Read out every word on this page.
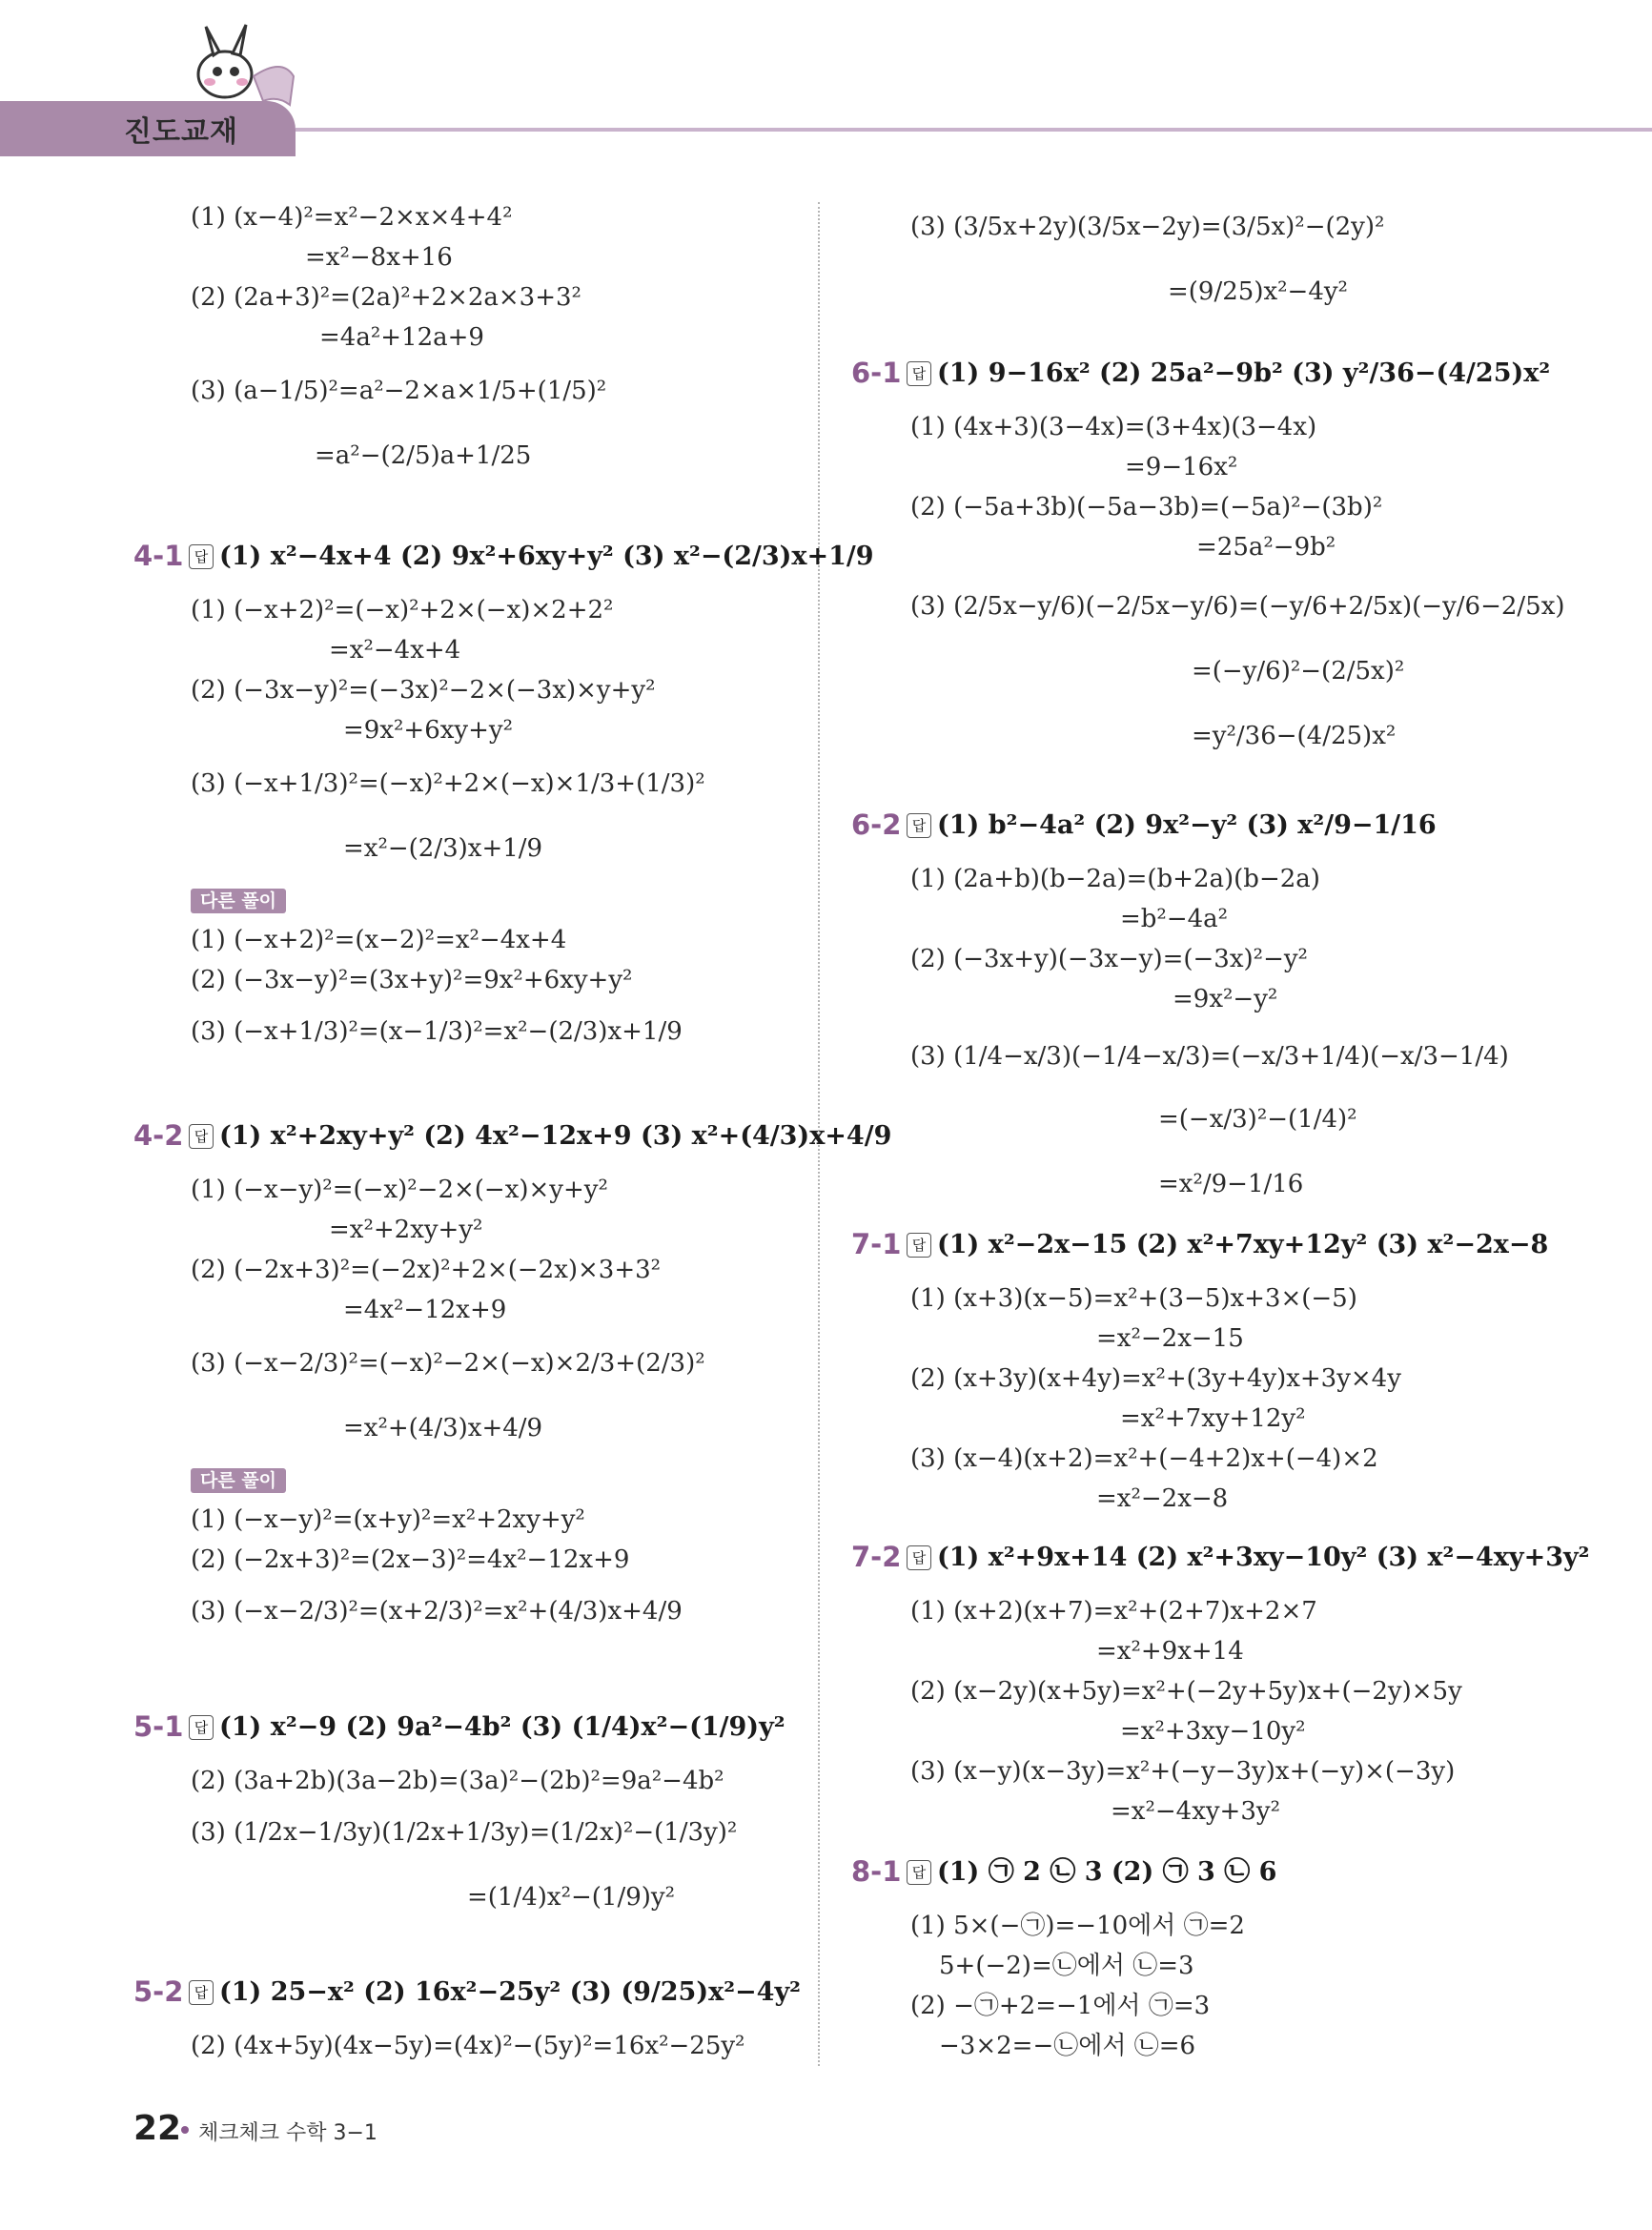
진도교재
(1) (x−4)²=x²−2×x×4+4²
=x²−8x+16
(2) (2a+3)²=(2a)²+2×2a×3+3²
=4a²+12a+9
(3) (a−1/5)²=a²−2×a×1/5+(1/5)²
=a²−(2/5)a+1/25
(1) (−x+2)²=(−x)²+2×(−x)×2+2²
=x²−4x+4
(2) (−3x−y)²=(−3x)²−2×(−3x)×y+y²
=9x²+6xy+y²
(3) (−x+1/3)²=(−x)²+2×(−x)×1/3+(1/3)²
=x²−(2/3)x+1/9
(1) (−x+2)²=(x−2)²=x²−4x+4
(2) (−3x−y)²=(3x+y)²=9x²+6xy+y²
(3) (−x+1/3)²=(x−1/3)²=x²−(2/3)x+1/9
(1) (−x−y)²=(−x)²−2×(−x)×y+y²
=x²+2xy+y²
(2) (−2x+3)²=(−2x)²+2×(−2x)×3+3²
=4x²−12x+9
(3) (−x−2/3)²=(−x)²−2×(−x)×2/3+(2/3)²
=x²+(4/3)x+4/9
(1) (−x−y)²=(x+y)²=x²+2xy+y²
(2) (−2x+3)²=(2x−3)²=4x²−12x+9
(3) (−x−2/3)²=(x+2/3)²=x²+(4/3)x+4/9
(2) (3a+2b)(3a−2b)=(3a)²−(2b)²=9a²−4b²
(3) (1/2x−1/3y)(1/2x+1/3y)=(1/2x)²−(1/3y)²
=(1/4)x²−(1/9)y²
(2) (4x+5y)(4x−5y)=(4x)²−(5y)²=16x²−25y²
(3) (3/5x+2y)(3/5x−2y)=(3/5x)²−(2y)²
=(9/25)x²−4y²
(1) (4x+3)(3−4x)=(3+4x)(3−4x)
=9−16x²
(2) (−5a+3b)(−5a−3b)=(−5a)²−(3b)²
=25a²−9b²
(3) (2/5x−y/6)(−2/5x−y/6)=(−y/6+2/5x)(−y/6−2/5x)
=(−y/6)²−(2/5x)²
=y²/36−(4/25)x²
(1) (2a+b)(b−2a)=(b+2a)(b−2a)
=b²−4a²
(2) (−3x+y)(−3x−y)=(−3x)²−y²
=9x²−y²
(3) (1/4−x/3)(−1/4−x/3)=(−x/3+1/4)(−x/3−1/4)
=(−x/3)²−(1/4)²
=x²/9−1/16
(1) (x+3)(x−5)=x²+(3−5)x+3×(−5)
=x²−2x−15
(2) (x+3y)(x+4y)=x²+(3y+4y)x+3y×4y
=x²+7xy+12y²
(3) (x−4)(x+2)=x²+(−4+2)x+(−4)×2
=x²−2x−8
(1) (x+2)(x+7)=x²+(2+7)x+2×7
=x²+9x+14
(2) (x−2y)(x+5y)=x²+(−2y+5y)x+(−2y)×5y
=x²+3xy−10y²
(3) (x−y)(x−3y)=x²+(−y−3y)x+(−y)×(−3y)
=x²−4xy+3y²
(1) 5×(−㉠)=−10에서 ㉠=2
5+(−2)=㉡에서 ㉡=3
(2) −㉠+2=−1에서 ㉠=3
−3×2=−㉡에서 ㉡=6
4-1 답 (1) x²−4x+4 (2) 9x²+6xy+y² (3) x²−(2/3)x+1/9
4-2 답 (1) x²+2xy+y² (2) 4x²−12x+9 (3) x²+(4/3)x+4/9
5-1 답 (1) x²−9 (2) 9a²−4b² (3) (1/4)x²−(1/9)y²
5-2 답 (1) 25−x² (2) 16x²−25y² (3) (9/25)x²−4y²
6-1 답 (1) 9−16x² (2) 25a²−9b² (3) y²/36−(4/25)x²
6-2 답 (1) b²−4a² (2) 9x²−y² (3) x²/9−1/16
7-1 답 (1) x²−2x−15 (2) x²+7xy+12y² (3) x²−2x−8
7-2 답 (1) x²+9x+14 (2) x²+3xy−10y² (3) x²−4xy+3y²
8-1 답 (1) ㉠ 2 ㉡ 3 (2) ㉠ 3 ㉡ 6
다른 풀이
다른 풀이
22 체크체크 수학 3−1
